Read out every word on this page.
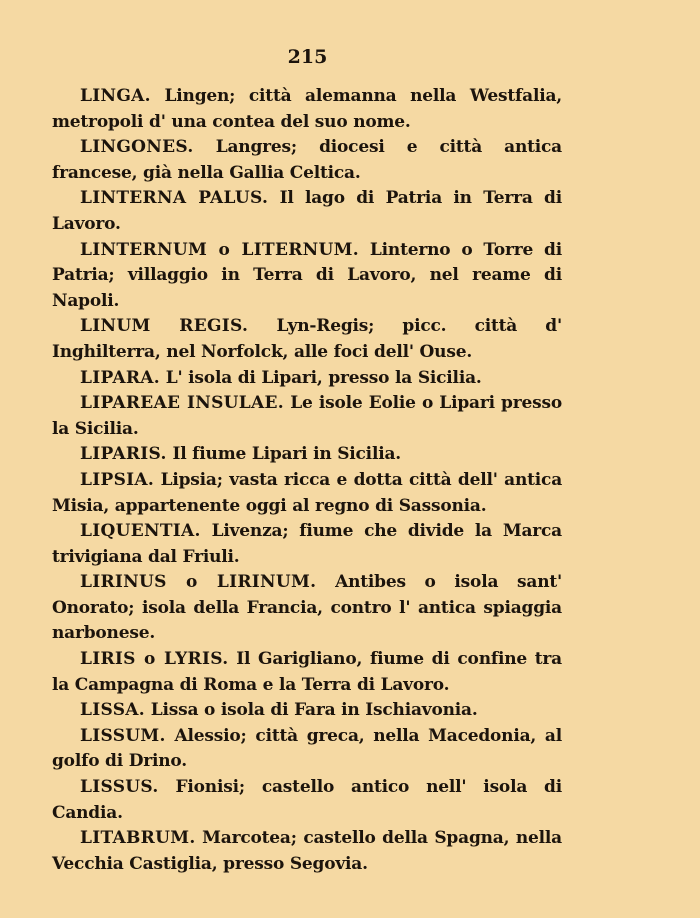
215

LINGA. Lingen; città alemanna nella Westfalia, metropoli d' una contea del suo nome.

LINGONES. Langres; diocesi e città antica francese, già nella Gallia Celtica.

LINTERNA PALUS. Il lago di Patria in Terra di Lavoro.

LINTERNUM o LITERNUM. Linterno o Torre di Patria; villaggio in Terra di Lavoro, nel reame di Napoli.

LINUM REGIS. Lyn-Regis; picc. città d' Inghilterra, nel Norfolck, alle foci dell' Ouse.

LIPARA. L' isola di Lipari, presso la Sicilia.

LIPAREAE INSULAE. Le isole Eolie o Lipari presso la Sicilia.

LIPARIS. Il fiume Lipari in Sicilia.

LIPSIA. Lipsia; vasta ricca e dotta città dell' antica Misia, appartenente oggi al regno di Sassonia.

LIQUENTIA. Livenza; fiume che divide la Marca trivigiana dal Friuli.

LIRINUS o LIRINUM. Antibes o isola sant' Onorato; isola della Francia, contro l' antica spiaggia narbonese.

LIRIS o LYRIS. Il Garigliano, fiume di confine tra la Campagna di Roma e la Terra di Lavoro.

LISSA. Lissa o isola di Fara in Ischiavonia.

LISSUM. Alessio; città greca, nella Macedonia, al golfo di Drino.

LISSUS. Fionisi; castello antico nell' isola di Candia.

LITABRUM. Marcotea; castello della Spagna, nella Vecchia Castiglia, presso Segovia.
